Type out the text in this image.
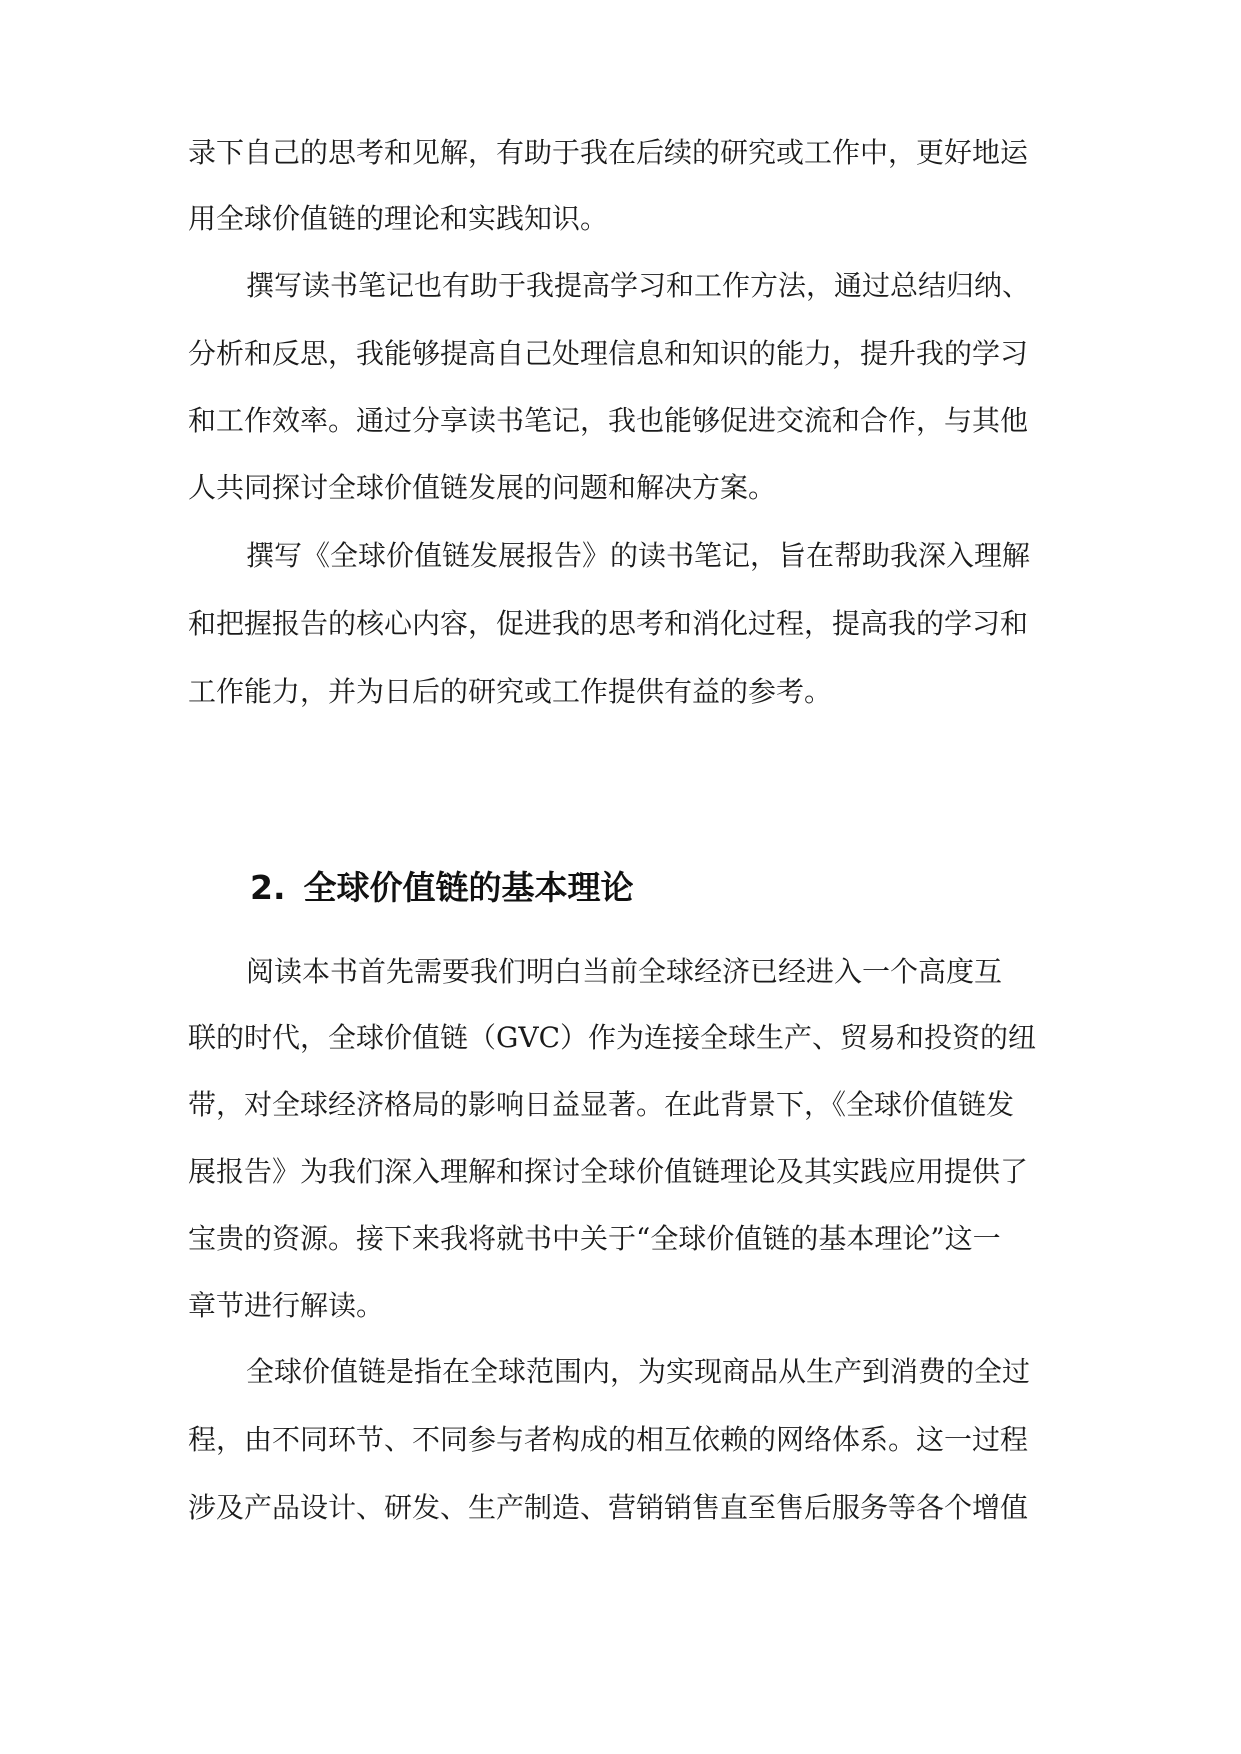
录下自己的思考和见解，有助于我在后续的研究或工作中，更好地运
用全球价值链的理论和实践知识。
撰写读书笔记也有助于我提高学习和工作方法，通过总结归纳、
分析和反思，我能够提高自己处理信息和知识的能力，提升我的学习
和工作效率。通过分享读书笔记，我也能够促进交流和合作，与其他
人共同探讨全球价值链发展的问题和解决方案。
撰写《全球价值链发展报告》的读书笔记，旨在帮助我深入理解
和把握报告的核心内容，促进我的思考和消化过程，提高我的学习和
工作能力，并为日后的研究或工作提供有益的参考。
2. 全球价值链的基本理论
阅读本书首先需要我们明白当前全球经济已经进入一个高度互
联的时代，全球价值链（GVC）作为连接全球生产、贸易和投资的纽
带，对全球经济格局的影响日益显著。在此背景下，《全球价值链发
展报告》为我们深入理解和探讨全球价值链理论及其实践应用提供了
宝贵的资源。接下来我将就书中关于“全球价值链的基本理论”这一
章节进行解读。
全球价值链是指在全球范围内，为实现商品从生产到消费的全过
程，由不同环节、不同参与者构成的相互依赖的网络体系。这一过程
涉及产品设计、研发、生产制造、营销销售直至售后服务等各个增值
